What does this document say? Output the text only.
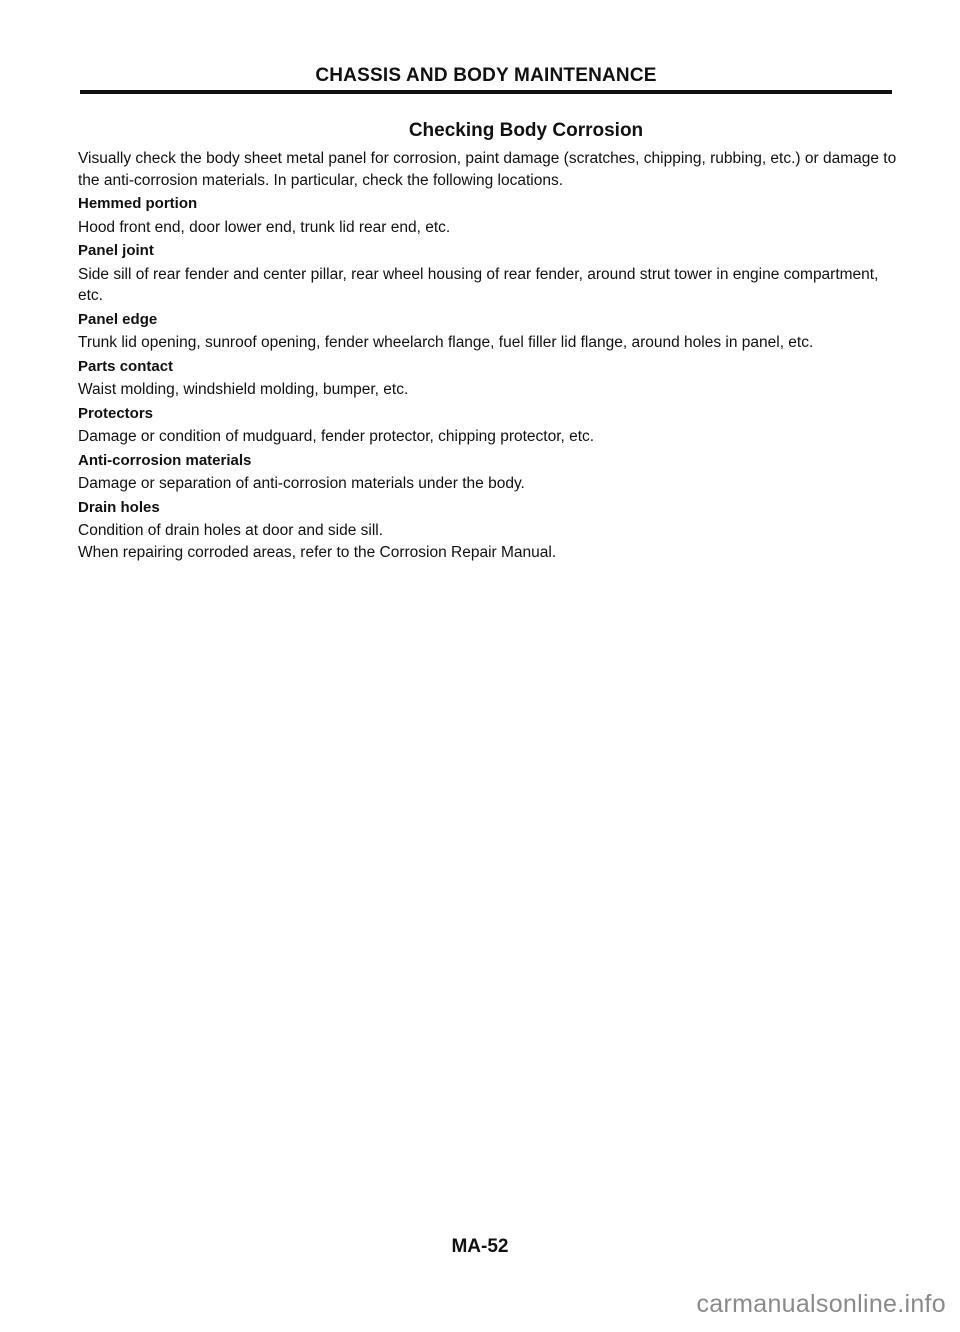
CHASSIS AND BODY MAINTENANCE
Checking Body Corrosion

Visually check the body sheet metal panel for corrosion, paint damage (scratches, chipping, rubbing, etc.) or damage to the anti-corrosion materials. In particular, check the following locations.

Hemmed portion

Hood front end, door lower end, trunk lid rear end, etc.

Panel joint

Side sill of rear fender and center pillar, rear wheel housing of rear fender, around strut tower in engine compartment, etc.

Panel edge

Trunk lid opening, sunroof opening, fender wheelarch flange, fuel filler lid flange, around holes in panel, etc.

Parts contact

Waist molding, windshield molding, bumper, etc.

Protectors

Damage or condition of mudguard, fender protector, chipping protector, etc.

Anti-corrosion materials

Damage or separation of anti-corrosion materials under the body.

Drain holes

Condition of drain holes at door and side sill.

When repairing corroded areas, refer to the Corrosion Repair Manual.

MA-52
carmanualsonline.info
